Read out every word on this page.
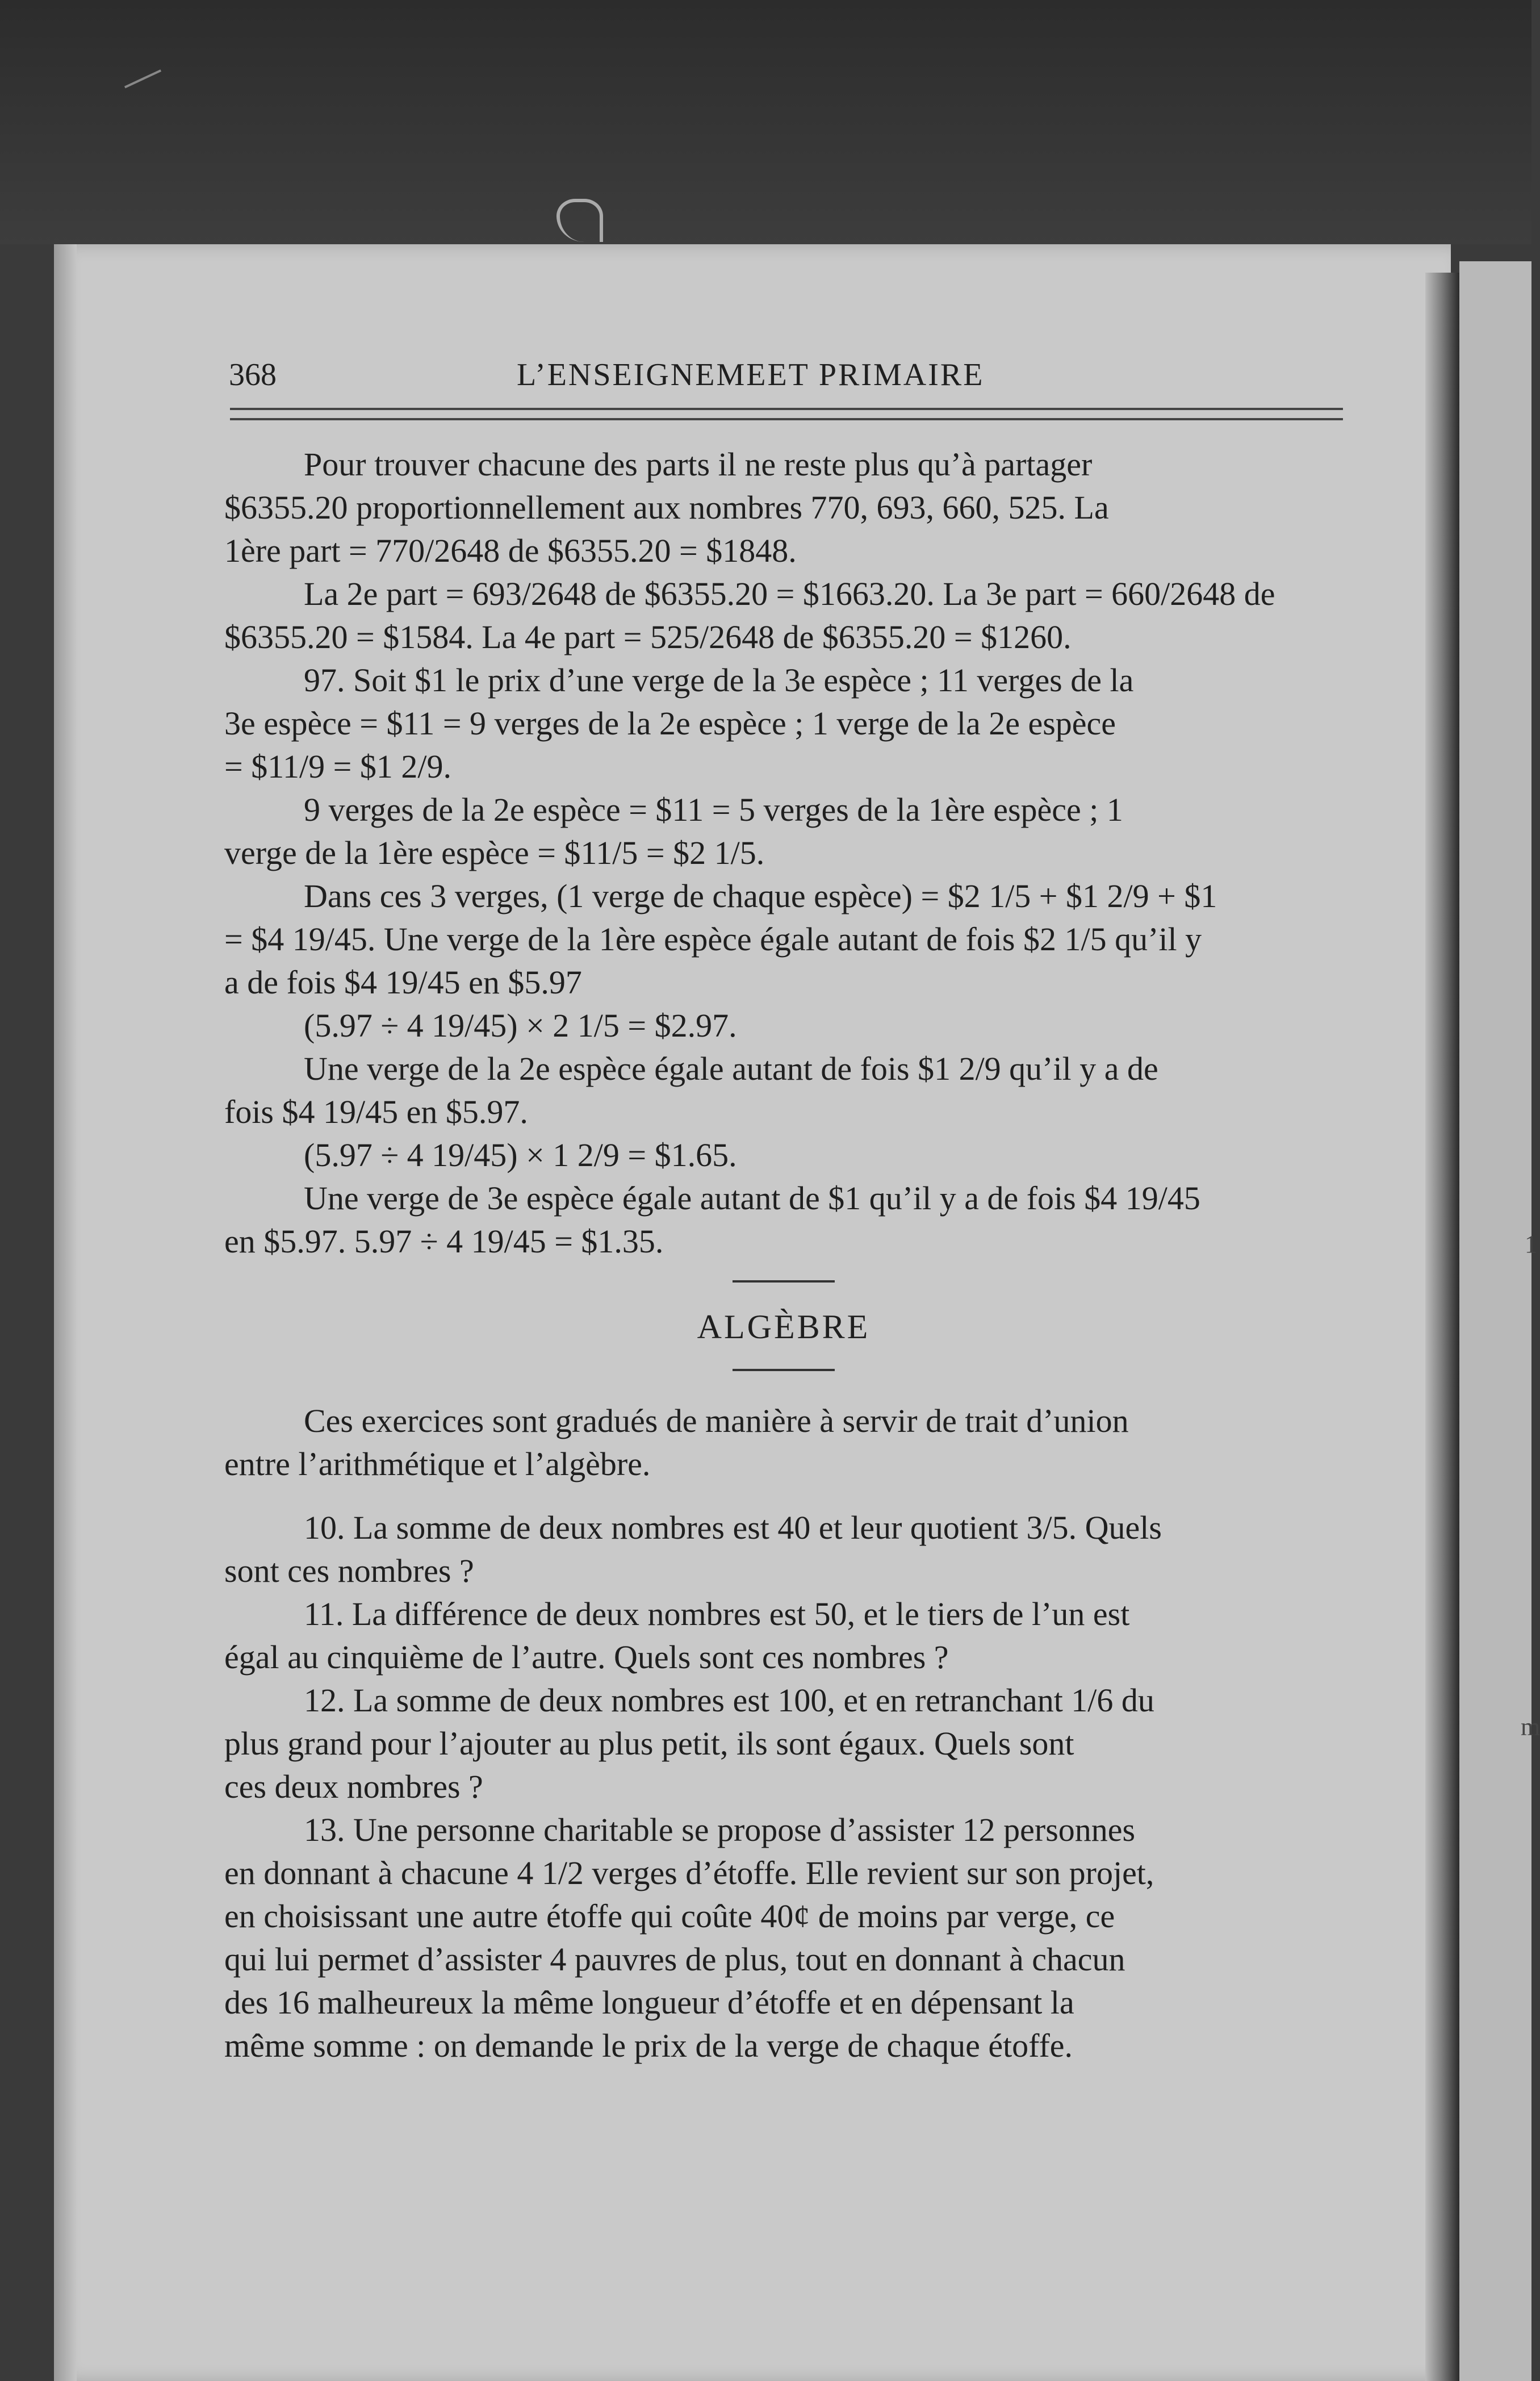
1
m
368	L’ENSEIGNEMEET PRIMAIRE
Pour trouver chacune des parts il ne reste plus qu’à partager
$6355.20 proportionnellement aux nombres 770, 693, 660, 525. La
1ère part = 770/2648 de $6355.20 = $1848.
La 2e part = 693/2648 de $6355.20 = $1663.20. La 3e part = 660/2648 de
$6355.20 = $1584. La 4e part = 525/2648 de $6355.20 = $1260.
97. Soit $1 le prix d’une verge de la 3e espèce ; 11 verges de la
3e espèce = $11 = 9 verges de la 2e espèce ; 1 verge de la 2e espèce
= $11/9 = $1 2/9.
9 verges de la 2e espèce = $11 = 5 verges de la 1ère espèce ; 1
verge de la 1ère espèce = $11/5 = $2 1/5.
Dans ces 3 verges, (1 verge de chaque espèce) = $2 1/5 + $1 2/9 + $1
= $4 19/45. Une verge de la 1ère espèce égale autant de fois $2 1/5 qu’il y
a de fois $4 19/45 en $5.97
(5.97 ÷ 4 19/45) × 2 1/5 = $2.97.
Une verge de la 2e espèce égale autant de fois $1 2/9 qu’il y a de
fois $4 19/45 en $5.97.
(5.97 ÷ 4 19/45) × 1 2/9 = $1.65.
Une verge de 3e espèce égale autant de $1 qu’il y a de fois $4 19/45
en $5.97. 5.97 ÷ 4 19/45 = $1.35.
ALGÈBRE
Ces exercices sont gradués de manière à servir de trait d’union
entre l’arithmétique et l’algèbre.
10. La somme de deux nombres est 40 et leur quotient 3/5. Quels
sont ces nombres ?
11. La différence de deux nombres est 50, et le tiers de l’un est
égal au cinquième de l’autre. Quels sont ces nombres ?
12. La somme de deux nombres est 100, et en retranchant 1/6 du
plus grand pour l’ajouter au plus petit, ils sont égaux. Quels sont
ces deux nombres ?
13. Une personne charitable se propose d’assister 12 personnes
en donnant à chacune 4 1/2 verges d’étoffe. Elle revient sur son projet,
en choisissant une autre étoffe qui coûte 40¢ de moins par verge, ce
qui lui permet d’assister 4 pauvres de plus, tout en donnant à chacun
des 16 malheureux la même longueur d’étoffe et en dépensant la
même somme : on demande le prix de la verge de chaque étoffe.
